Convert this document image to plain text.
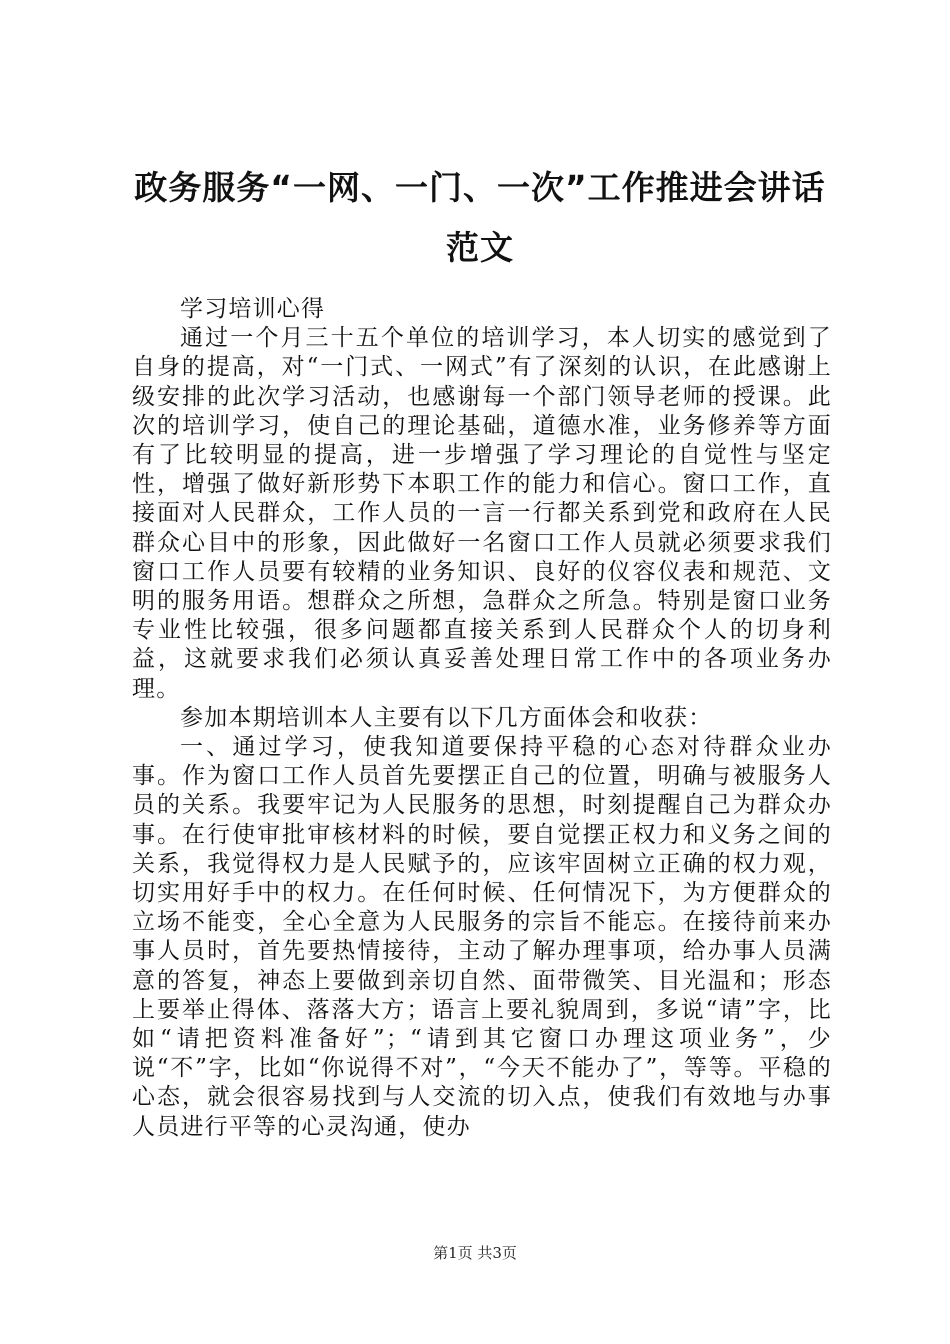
政务服务“一网、一门、一次”工作推进会讲话范文

学习培训心得

通过一个月三十五个单位的培训学习，本人切实的感觉到了自身的提高，对“一门式、一网式”有了深刻的认识，在此感谢上级安排的此次学习活动，也感谢每一个部门领导老师的授课。此次的培训学习，使自己的理论基础，道德水准，业务修养等方面有了比较明显的提高，进一步增强了学习理论的自觉性与坚定性，增强了做好新形势下本职工作的能力和信心。窗口工作，直接面对人民群众，工作人员的一言一行都关系到党和政府在人民群众心目中的形象，因此做好一名窗口工作人员就必须要求我们窗口工作人员要有较精的业务知识、良好的仪容仪表和规范、文明的服务用语。想群众之所想，急群众之所急。特别是窗口业务专业性比较强，很多问题都直接关系到人民群众个人的切身利益，这就要求我们必须认真妥善处理日常工作中的各项业务办理。

参加本期培训本人主要有以下几方面体会和收获：

一、通过学习，使我知道要保持平稳的心态对待群众业办事。作为窗口工作人员首先要摆正自己的位置，明确与被服务人员的关系。我要牢记为人民服务的思想，时刻提醒自己为群众办事。在行使审批审核材料的时候，要自觉摆正权力和义务之间的关系，我觉得权力是人民赋予的，应该牢固树立正确的权力观，切实用好手中的权力。在任何时候、任何情况下，为方便群众的立场不能变，全心全意为人民服务的宗旨不能忘。在接待前来办事人员时，首先要热情接待，主动了解办理事项，给办事人员满意的答复，神态上要做到亲切自然、面带微笑、目光温和；形态上要举止得体、落落大方；语言上要礼貌周到，多说“请”字，比如“请把资料准备好”；“请到其它窗口办理这项业务”，少说“不”字，比如“你说得不对”，“今天不能办了”，等等。平稳的心态，就会很容易找到与人交流的切入点，使我们有效地与办事人员进行平等的心灵沟通，使办

第1页 共3页
